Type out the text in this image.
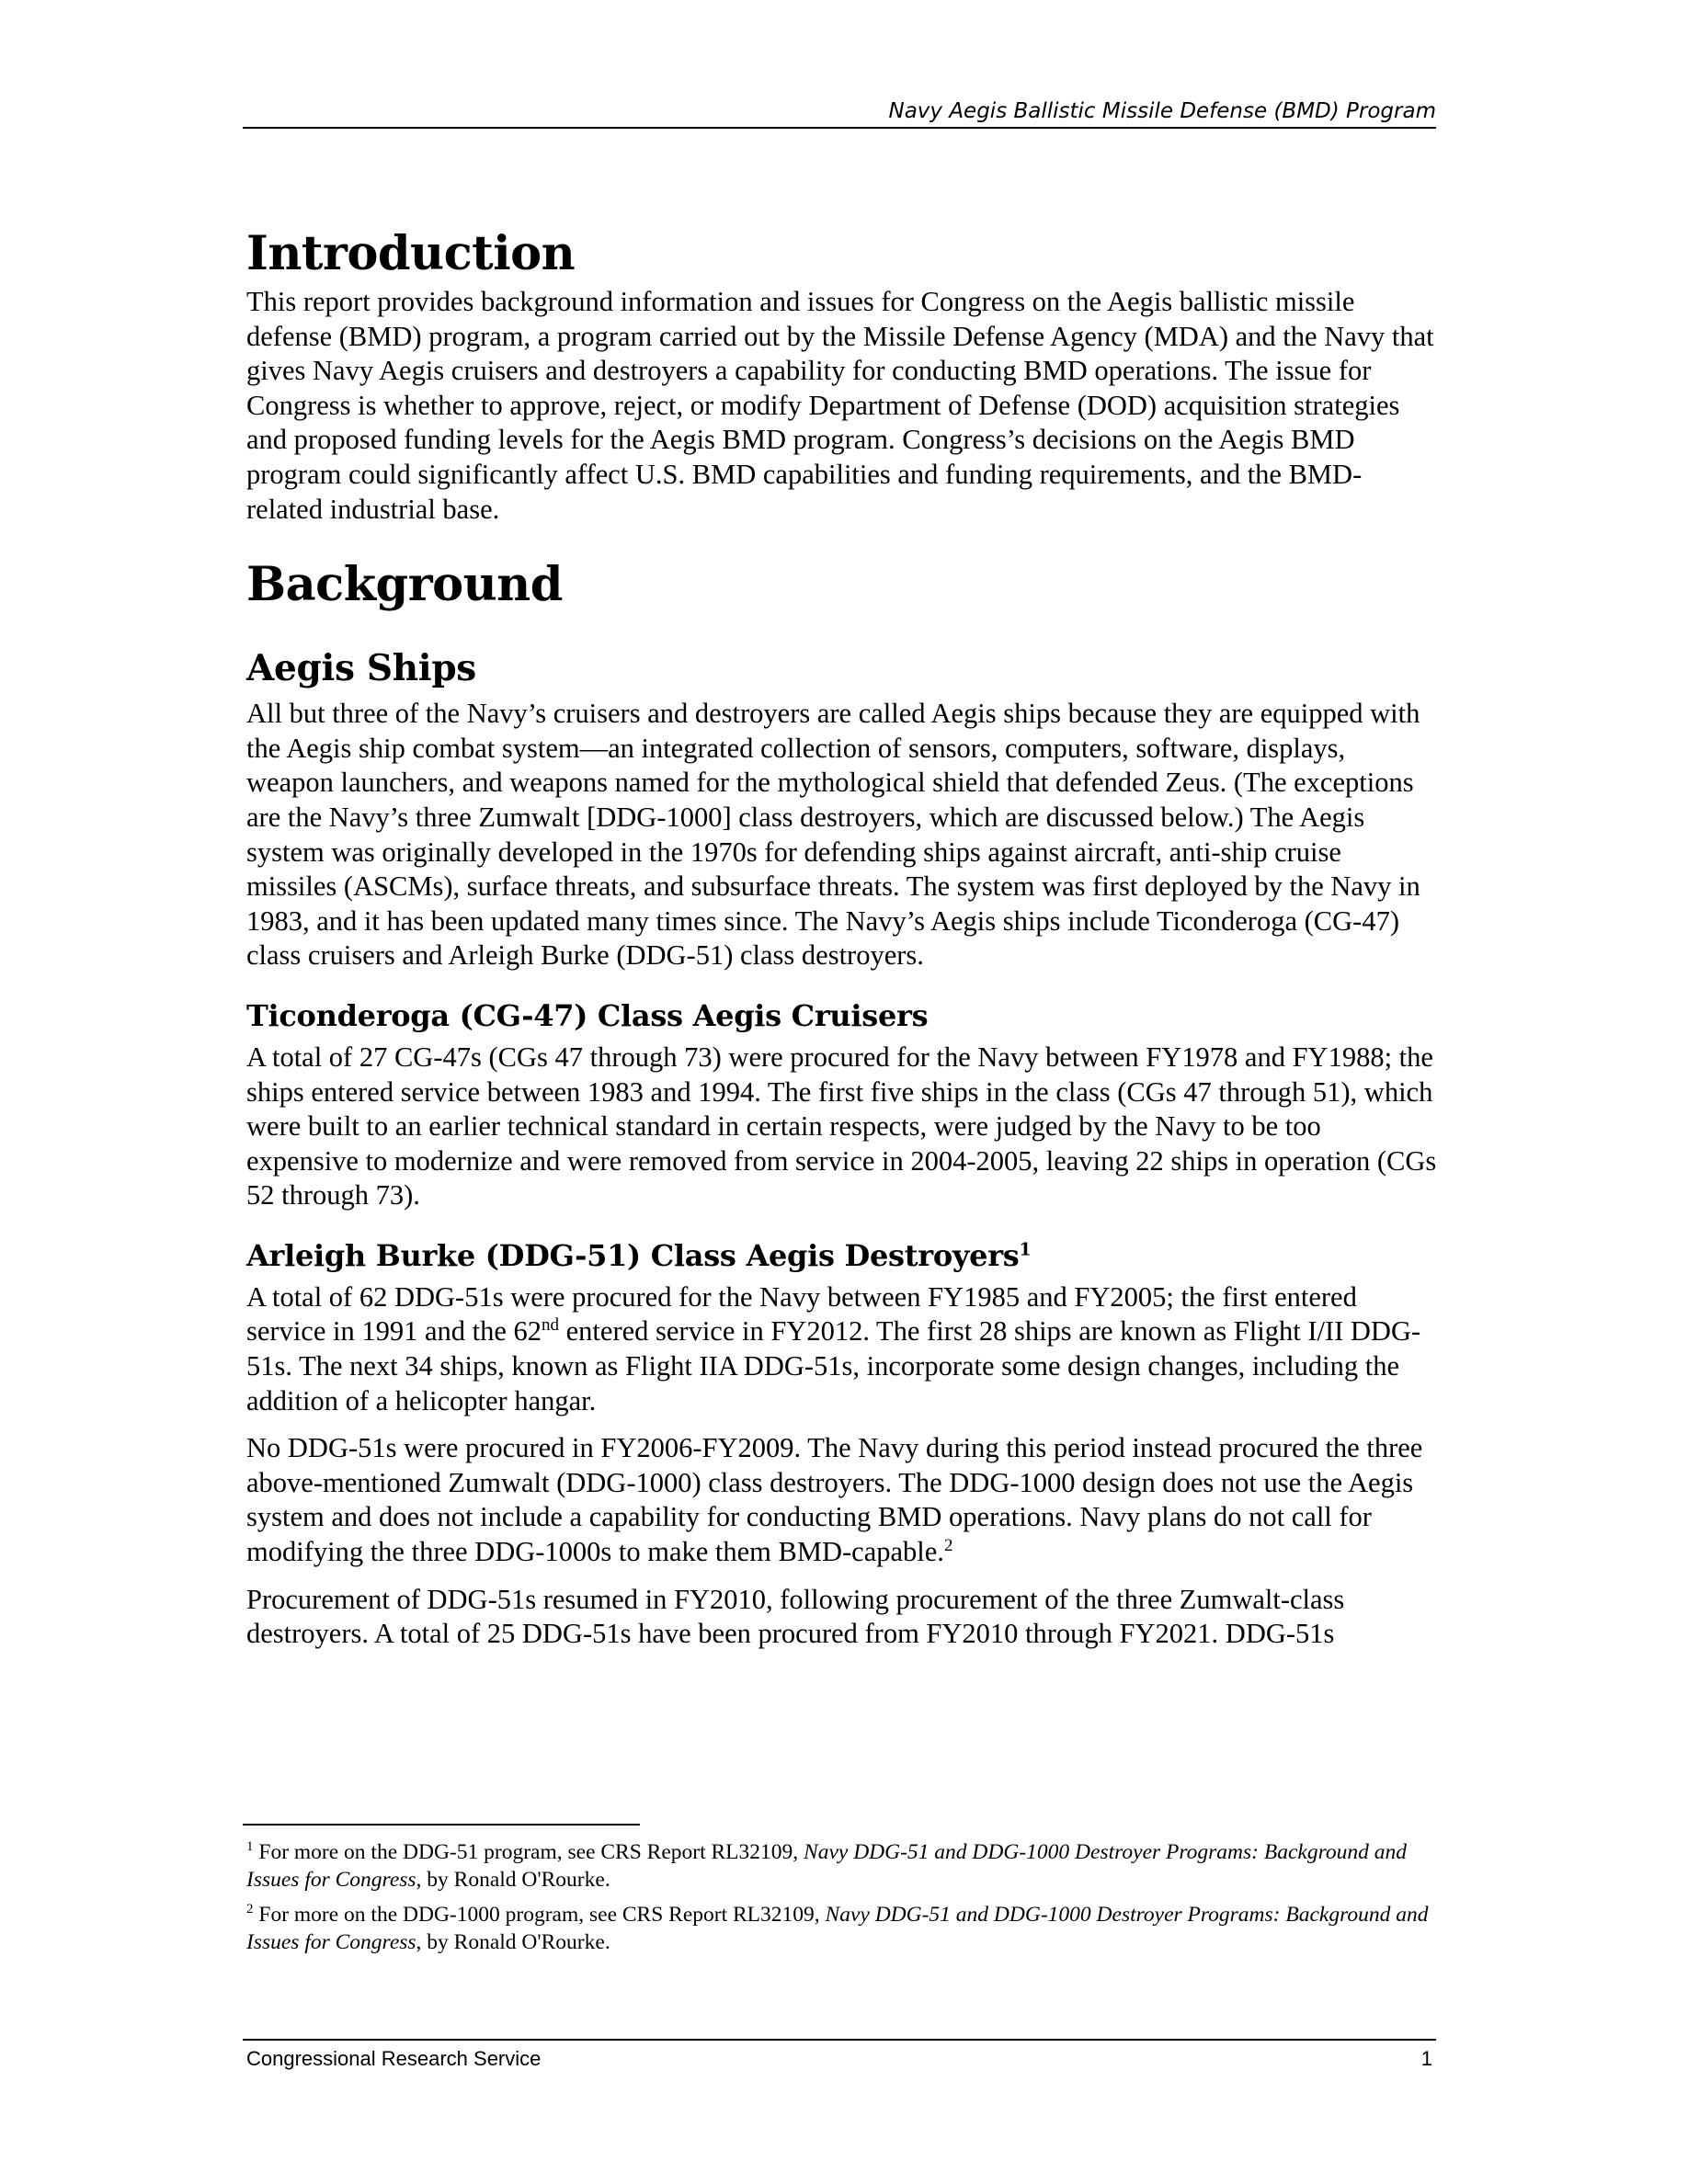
Navy Aegis Ballistic Missile Defense (BMD) Program
Introduction

This report provides background information and issues for Congress on the Aegis ballistic missile defense (BMD) program, a program carried out by the Missile Defense Agency (MDA) and the Navy that gives Navy Aegis cruisers and destroyers a capability for conducting BMD operations. The issue for Congress is whether to approve, reject, or modify Department of Defense (DOD) acquisition strategies and proposed funding levels for the Aegis BMD program. Congress’s decisions on the Aegis BMD program could significantly affect U.S. BMD capabilities and funding requirements, and the BMD-related industrial base.

Background
Aegis Ships

All but three of the Navy’s cruisers and destroyers are called Aegis ships because they are equipped with the Aegis ship combat system—an integrated collection of sensors, computers, software, displays, weapon launchers, and weapons named for the mythological shield that defended Zeus. (The exceptions are the Navy’s three Zumwalt [DDG-1000] class destroyers, which are discussed below.) The Aegis system was originally developed in the 1970s for defending ships against aircraft, anti-ship cruise missiles (ASCMs), surface threats, and subsurface threats. The system was first deployed by the Navy in 1983, and it has been updated many times since. The Navy’s Aegis ships include Ticonderoga (CG-47) class cruisers and Arleigh Burke (DDG-51) class destroyers.

Ticonderoga (CG-47) Class Aegis Cruisers

A total of 27 CG-47s (CGs 47 through 73) were procured for the Navy between FY1978 and FY1988; the ships entered service between 1983 and 1994. The first five ships in the class (CGs 47 through 51), which were built to an earlier technical standard in certain respects, were judged by the Navy to be too expensive to modernize and were removed from service in 2004-2005, leaving 22 ships in operation (CGs 52 through 73).

Arleigh Burke (DDG-51) Class Aegis Destroyers$^1$

A total of 62 DDG-51s were procured for the Navy between FY1985 and FY2005; the first entered service in 1991 and the 62nd entered service in FY2012. The first 28 ships are known as Flight I/II DDG-51s. The next 34 ships, known as Flight IIA DDG-51s, incorporate some design changes, including the addition of a helicopter hangar.

No DDG-51s were procured in FY2006-FY2009. The Navy during this period instead procured the three above-mentioned Zumwalt (DDG-1000) class destroyers. The DDG-1000 design does not use the Aegis system and does not include a capability for conducting BMD operations. Navy plans do not call for modifying the three DDG-1000s to make them BMD-capable.$^2$

Procurement of DDG-51s resumed in FY2010, following procurement of the three Zumwalt-class destroyers. A total of 25 DDG-51s have been procured from FY2010 through FY2021. DDG-51s

$^1$ For more on the DDG-51 program, see CRS Report RL32109, Navy DDG-51 and DDG-1000 Destroyer Programs: Background and Issues for Congress, by Ronald O'Rourke.

$^2$ For more on the DDG-1000 program, see CRS Report RL32109, Navy DDG-51 and DDG-1000 Destroyer Programs: Background and Issues for Congress, by Ronald O'Rourke.

Congressional Research Service	1
